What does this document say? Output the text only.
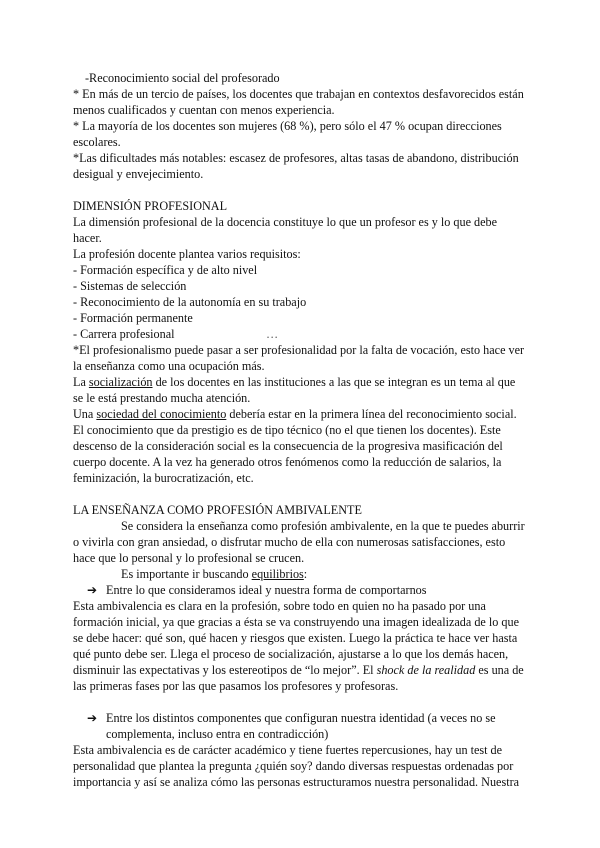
-Reconocimiento social del profesorado

* En más de un tercio de países, los docentes que trabajan en contextos desfavorecidos están menos cualificados y cuentan con menos experiencia.

* La mayoría de los docentes son mujeres (68 %), pero sólo el 47 % ocupan direcciones escolares.

*Las dificultades más notables: escasez de profesores, altas tasas de abandono, distribución desigual y envejecimiento.

DIMENSIÓN PROFESIONAL

La dimensión profesional de la docencia constituye lo que un profesor es y lo que debe hacer.

La profesión docente plantea varios requisitos:

- Formación específica y de alto nivel

- Sistemas de selección

- Reconocimiento de la autonomía en su trabajo

- Formación permanente

- Carrera profesional	...

*El profesionalismo puede pasar a ser profesionalidad por la falta de vocación, esto hace ver la enseñanza como una ocupación más.

La socialización de los docentes en las instituciones a las que se integran es un tema al que se le está prestando mucha atención.

Una sociedad del conocimiento debería estar en la primera línea del reconocimiento social. El conocimiento que da prestigio es de tipo técnico (no el que tienen los docentes). Este descenso de la consideración social es la consecuencia de la progresiva masificación del cuerpo docente. A la vez ha generado otros fenómenos como la reducción de salarios, la feminización, la burocratización, etc.

LA ENSEÑANZA COMO PROFESIÓN AMBIVALENTE

Se considera la enseñanza como profesión ambivalente, en la que te puedes aburrir o vivirla con gran ansiedad, o disfrutar mucho de ella con numerosas satisfacciones, esto hace que lo personal y lo profesional se crucen.

Es importante ir buscando equilibrios:

➔ Entre lo que consideramos ideal y nuestra forma de comportarnos

Esta ambivalencia es clara en la profesión, sobre todo en quien no ha pasado por una formación inicial, ya que gracias a ésta se va construyendo una imagen idealizada de lo que se debe hacer: qué son, qué hacen y riesgos que existen. Luego la práctica te hace ver hasta qué punto debe ser. Llega el proceso de socialización, ajustarse a lo que los demás hacen, disminuir las expectativas y los estereotipos de “lo mejor”. El shock de la realidad es una de las primeras fases por las que pasamos los profesores y profesoras.

➔ Entre los distintos componentes que configuran nuestra identidad (a veces no se complementa, incluso entra en contradicción)

Esta ambivalencia es de carácter académico y tiene fuertes repercusiones, hay un test de personalidad que plantea la pregunta ¿quién soy? dando diversas respuestas ordenadas por importancia y así se analiza cómo las personas estructuramos nuestra personalidad. Nuestra
